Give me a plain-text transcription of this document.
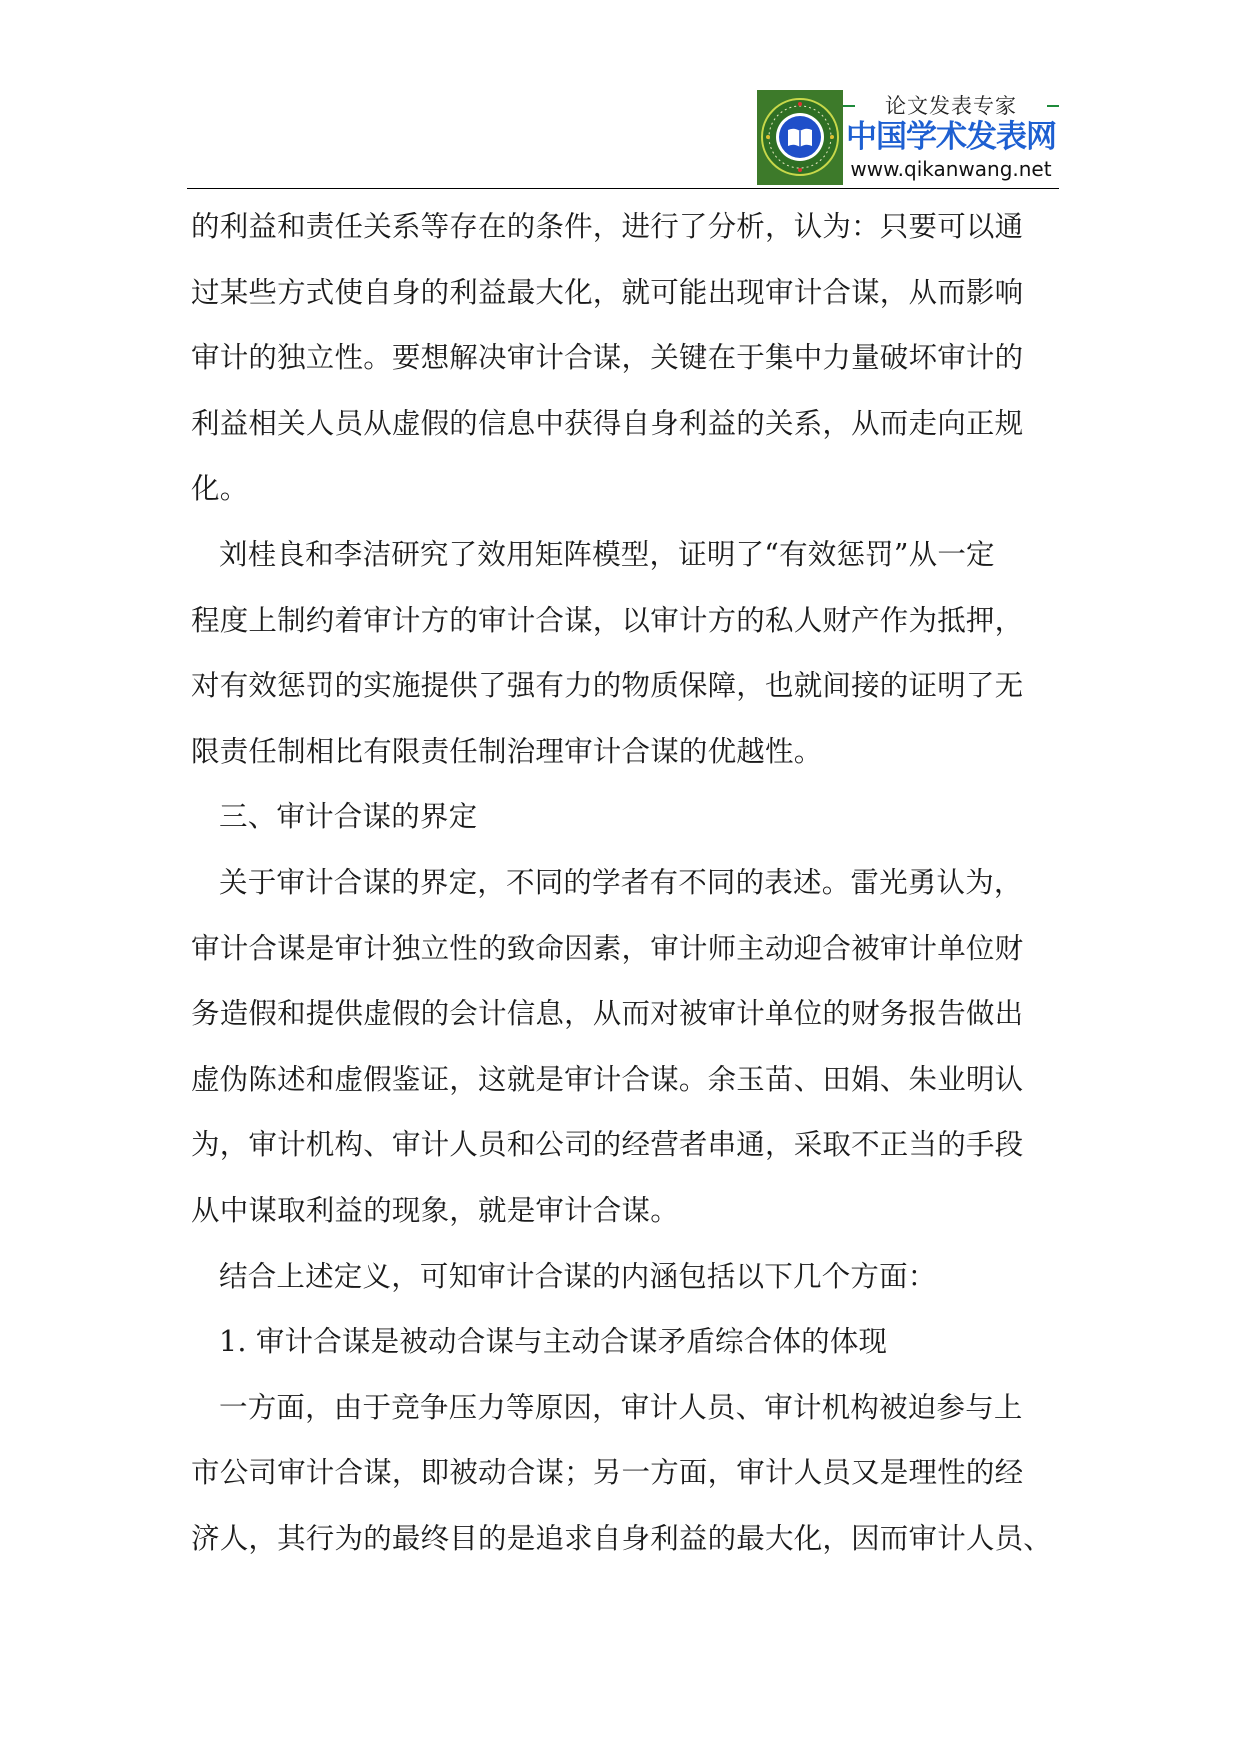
论文发表专家
中国学术发表网
www.qikanwang.net
的利益和责任关系等存在的条件，进行了分析，认为：只要可以通
过某些方式使自身的利益最大化，就可能出现审计合谋，从而影响
审计的独立性。要想解决审计合谋，关键在于集中力量破坏审计的
利益相关人员从虚假的信息中获得自身利益的关系，从而走向正规
化。
刘桂良和李洁研究了效用矩阵模型，证明了“有效惩罚”从一定
程度上制约着审计方的审计合谋，以审计方的私人财产作为抵押，
对有效惩罚的实施提供了强有力的物质保障，也就间接的证明了无
限责任制相比有限责任制治理审计合谋的优越性。
三、审计合谋的界定
关于审计合谋的界定，不同的学者有不同的表述。雷光勇认为，
审计合谋是审计独立性的致命因素，审计师主动迎合被审计单位财
务造假和提供虚假的会计信息，从而对被审计单位的财务报告做出
虚伪陈述和虚假鉴证，这就是审计合谋。余玉苗、田娟、朱业明认
为，审计机构、审计人员和公司的经营者串通，采取不正当的手段
从中谋取利益的现象，就是审计合谋。
结合上述定义，可知审计合谋的内涵包括以下几个方面：
1. 审计合谋是被动合谋与主动合谋矛盾综合体的体现
一方面，由于竞争压力等原因，审计人员、审计机构被迫参与上
市公司审计合谋，即被动合谋；另一方面，审计人员又是理性的经
济人，其行为的最终目的是追求自身利益的最大化，因而审计人员、
